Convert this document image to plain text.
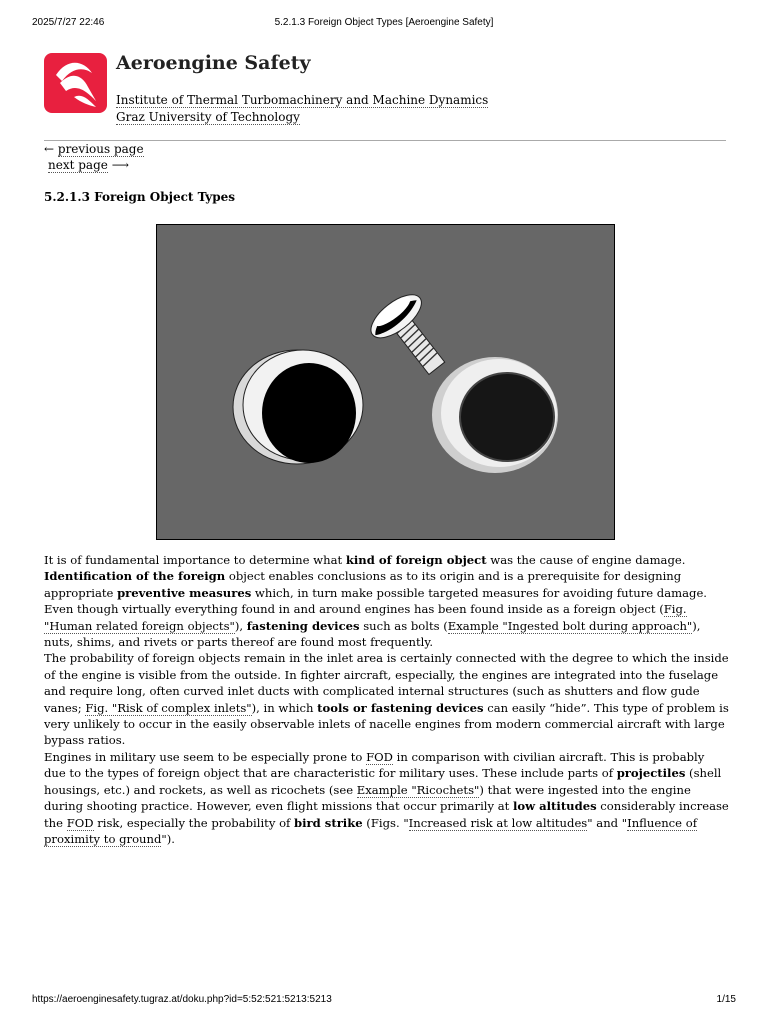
2025/7/27 22:46	5.2.1.3 Foreign Object Types [Aeroengine Safety]
Aeroengine Safety
Institute of Thermal Turbomachinery and Machine Dynamics
Graz University of Technology
← previous page
next page ⟶
5.2.1.3 Foreign Object Types

It is of fundamental importance to determine what kind of foreign object was the cause of engine damage. Identification of the foreign object enables conclusions as to its origin and is a prerequisite for designing appropriate preventive measures which, in turn make possible targeted measures for avoiding future damage.

Even though virtually everything found in and around engines has been found inside as a foreign object (Fig. "Human related foreign objects"), fastening devices such as bolts (Example "Ingested bolt during approach"), nuts, shims, and rivets or parts thereof are found most frequently.

The probability of foreign objects remain in the inlet area is certainly connected with the degree to which the inside of the engine is visible from the outside. In fighter aircraft, especially, the engines are integrated into the fuselage and require long, often curved inlet ducts with complicated internal structures (such as shutters and flow gude vanes; Fig. "Risk of complex inlets"), in which tools or fastening devices can easily “hide”. This type of problem is very unlikely to occur in the easily observable inlets of nacelle engines from modern commercial aircraft with large bypass ratios.

Engines in military use seem to be especially prone to FOD in comparison with civilian aircraft. This is probably due to the types of foreign object that are characteristic for military uses. These include parts of projectiles (shell housings, etc.) and rockets, as well as ricochets (see Example "Ricochets") that were ingested into the engine during shooting practice. However, even flight missions that occur primarily at low altitudes considerably increase the FOD risk, especially the probability of bird strike (Figs. "Increased risk at low altitudes" and "Influence of proximity to ground").

https://aeroenginesafety.tugraz.at/doku.php?id=5:52:521:5213:5213	1/15
